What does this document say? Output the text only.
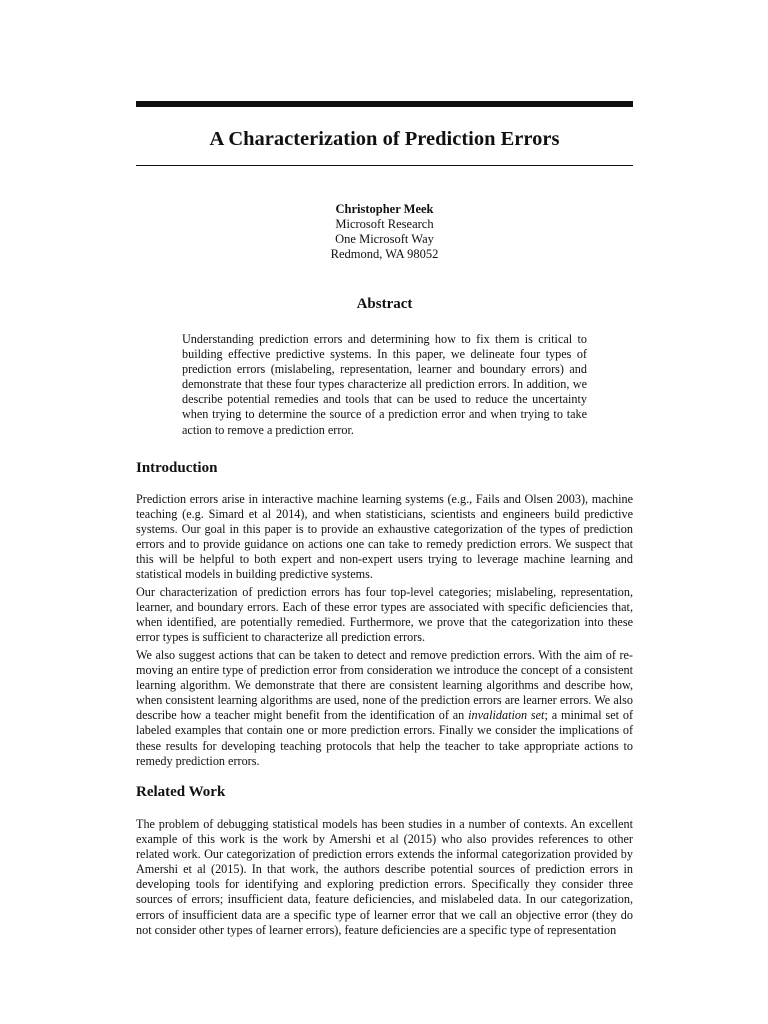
A Characterization of Prediction Errors
Christopher Meek
Microsoft Research
One Microsoft Way
Redmond, WA 98052
Abstract

Understanding prediction errors and determining how to fix them is critical to building effective predictive systems. In this paper, we delineate four types of prediction errors (mislabeling, representation, learner and boundary errors) and demonstrate that these four types characterize all prediction errors. In addition, we describe potential remedies and tools that can be used to reduce the uncertainty when trying to determine the source of a prediction error and when trying to take action to remove a prediction error.

Introduction

Prediction errors arise in interactive machine learning systems (e.g., Fails and Olsen 2003), machine teaching (e.g. Simard et al 2014), and when statisticians, scientists and engineers build predictive systems. Our goal in this paper is to provide an exhaustive categorization of the types of prediction errors and to provide guidance on actions one can take to remedy prediction errors. We suspect that this will be helpful to both expert and non-expert users trying to leverage machine learning and statistical models in building predictive systems.

Our characterization of prediction errors has four top-level categories; mislabeling, representation, learner, and boundary errors. Each of these error types are associated with specific deficiencies that, when identified, are potentially remedied. Furthermore, we prove that the categorization into these error types is sufficient to characterize all prediction errors.

We also suggest actions that can be taken to detect and remove prediction errors. With the aim of re-moving an entire type of prediction error from consideration we introduce the concept of a consistent learning algorithm. We demonstrate that there are consistent learning algorithms and describe how, when consistent learning algorithms are used, none of the prediction errors are learner errors. We also describe how a teacher might benefit from the identification of an invalidation set; a minimal set of labeled examples that contain one or more prediction errors. Finally we consider the implications of these results for developing teaching protocols that help the teacher to take appropriate actions to remedy prediction errors.

Related Work

The problem of debugging statistical models has been studies in a number of contexts. An excellent example of this work is the work by Amershi et al (2015) who also provides references to other related work. Our categorization of prediction errors extends the informal categorization provided by Amershi et al (2015). In that work, the authors describe potential sources of prediction errors in developing tools for identifying and exploring prediction errors. Specifically they consider three sources of errors; insufficient data, feature deficiencies, and mislabeled data. In our categorization, errors of insufficient data are a specific type of learner error that we call an objective error (they do not consider other types of learner errors), feature deficiencies are a specific type of representation
